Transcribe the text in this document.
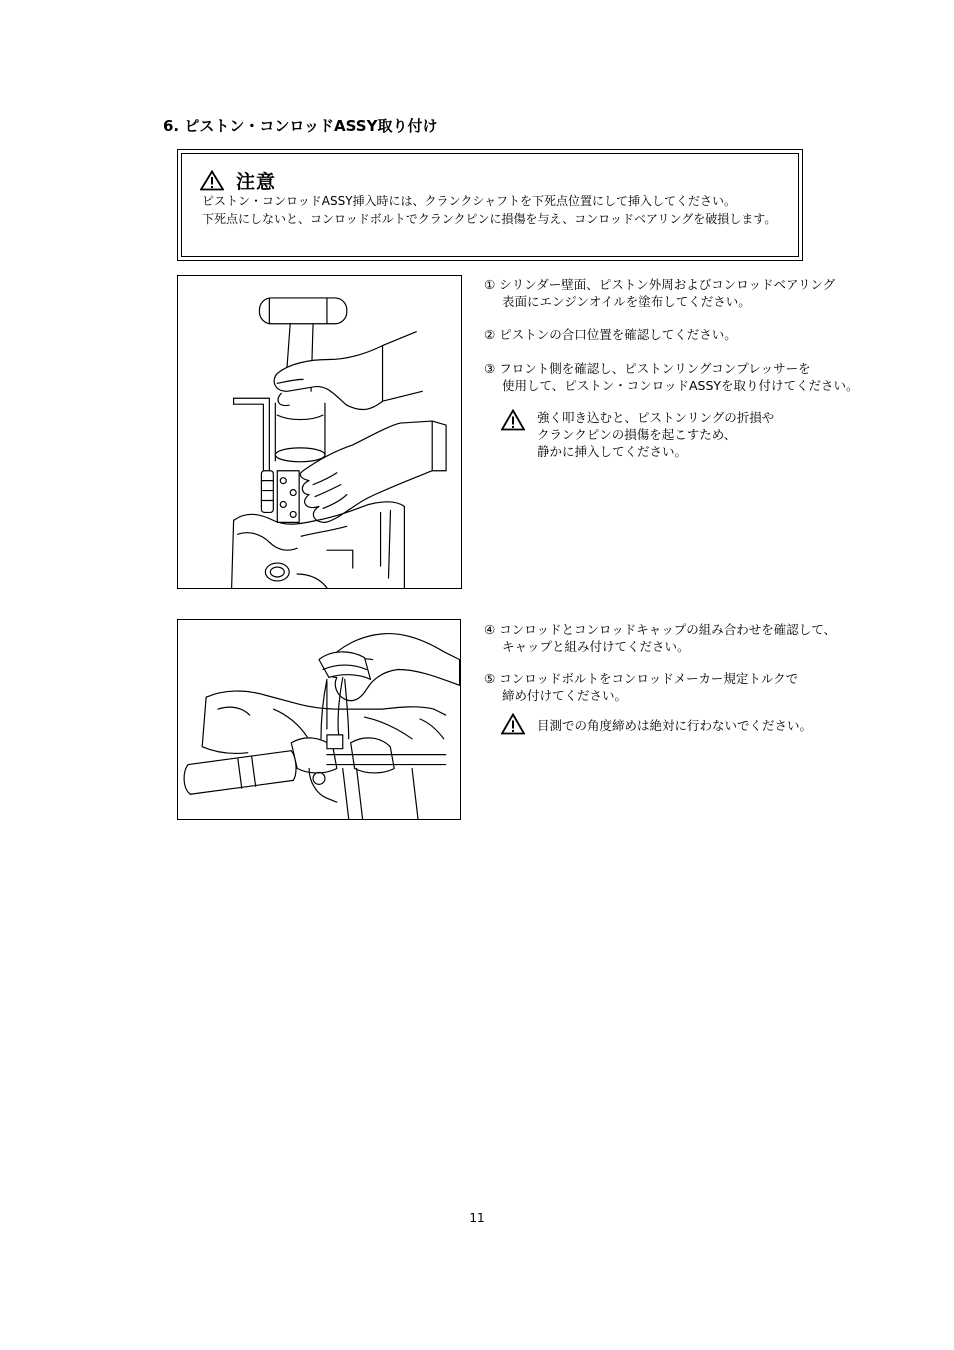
6. ピストン・コンロッドASSY取り付け
注意
ピストン・コンロッドASSY挿入時には、クランクシャフトを下死点位置にして挿入してください。
下死点にしないと、コンロッドボルトでクランクピンに損傷を与え、コンロッドベアリングを破損します。
① シリンダー壁面、ピストン外周およびコンロッドベアリング
表面にエンジンオイルを塗布してください。
② ピストンの合口位置を確認してください。
③ フロント側を確認し、ピストンリングコンプレッサーを
使用して、ピストン・コンロッドASSYを取り付けてください。
強く叩き込むと、ピストンリングの折損や
クランクピンの損傷を起こすため、
静かに挿入してください。
④ コンロッドとコンロッドキャップの組み合わせを確認して、
キャップと組み付けてください。
⑤ コンロッドボルトをコンロッドメーカー規定トルクで
締め付けてください。
目測での角度締めは絶対に行わないでください。
11
